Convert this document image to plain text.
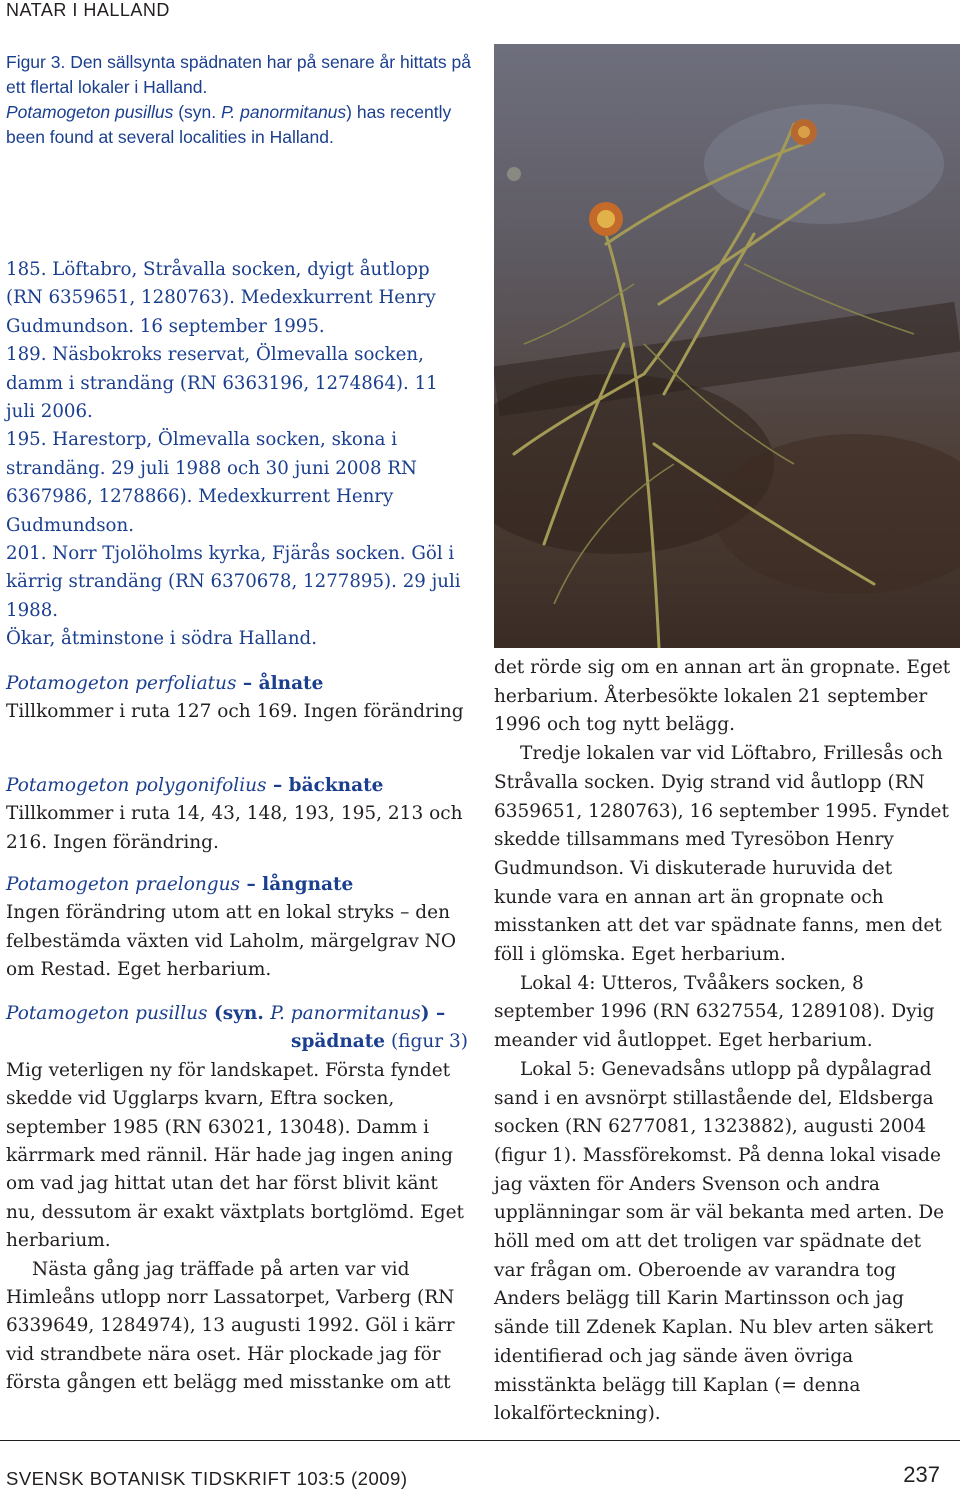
NATAR I HALLAND

Figur 3. Den sällsynta spädnaten har på senare år hittats på ett flertal lokaler i Halland.

Potamogeton pusillus (syn. P. panormitanus) has recently been found at several localities in Halland.

185. Löftabro, Stråvalla socken, dyigt åutlopp (RN 6359651, 1280763). Medexkurrent Henry Gudmundson. 16 september 1995.

189. Näsbokroks reservat, Ölmevalla socken, damm i strandäng (RN 6363196, 1274864). 11 juli 2006.

195. Harestorp, Ölmevalla socken, skona i strandäng. 29 juli 1988 och 30 juni 2008 RN 6367986, 1278866). Medexkurrent Henry Gudmundson.

201. Norr Tjolöholms kyrka, Fjärås socken. Göl i kärrig strandäng (RN 6370678, 1277895). 29 juli 1988.

Ökar, åtminstone i södra Halland.

Potamogeton perfoliatus – ålnate

Tillkommer i ruta 127 och 169. Ingen förändring

Potamogeton polygonifolius – bäcknate

Tillkommer i ruta 14, 43, 148, 193, 195, 213 och 216. Ingen förändring.

Potamogeton praelongus – långnate

Ingen förändring utom att en lokal stryks – den felbestämda växten vid Laholm, märgelgrav NO om Restad. Eget herbarium.

Potamogeton pusillus (syn. P. panormitanus) –

spädnate (figur 3)

Mig veterligen ny för landskapet. Första fyndet skedde vid Ugglarps kvarn, Eftra socken, september 1985 (RN 63021, 13048). Damm i kärrmark med rännil. Här hade jag ingen aning om vad jag hittat utan det har först blivit känt nu, dessutom är exakt växtplats bortglömd. Eget herbarium.

Nästa gång jag träffade på arten var vid Himleåns utlopp norr Lassatorpet, Varberg (RN 6339649, 1284974), 13 augusti 1992. Göl i kärr vid strandbete nära oset. Här plockade jag för första gången ett belägg med misstanke om att

det rörde sig om en annan art än gropnate. Eget herbarium. Återbesökte lokalen 21 september 1996 och tog nytt belägg.

Tredje lokalen var vid Löftabro, Frillesås och Stråvalla socken. Dyig strand vid åutlopp (RN 6359651, 1280763), 16 september 1995. Fyndet skedde tillsammans med Tyresöbon Henry Gudmundson. Vi diskuterade huruvida det kunde vara en annan art än gropnate och misstanken att det var spädnate fanns, men det föll i glömska. Eget herbarium.

Lokal 4: Utteros, Tvååkers socken, 8 september 1996 (RN 6327554, 1289108). Dyig meander vid åutloppet. Eget herbarium.

Lokal 5: Genevadsåns utlopp på dypålagrad sand i en avsnörpt stillastående del, Eldsberga socken (RN 6277081, 1323882), augusti 2004 (figur 1). Massförekomst. På denna lokal visade jag växten för Anders Svenson och andra upplänningar som är väl bekanta med arten. De höll med om att det troligen var spädnate det var frågan om. Oberoende av varandra tog Anders belägg till Karin Martinsson och jag sände till Zdenek Kaplan. Nu blev arten säkert identifierad och jag sände även övriga misstänkta belägg till Kaplan (= denna lokalförteckning).

SVENSK BOTANISK TIDSKRIFT 103:5 (2009)	237
